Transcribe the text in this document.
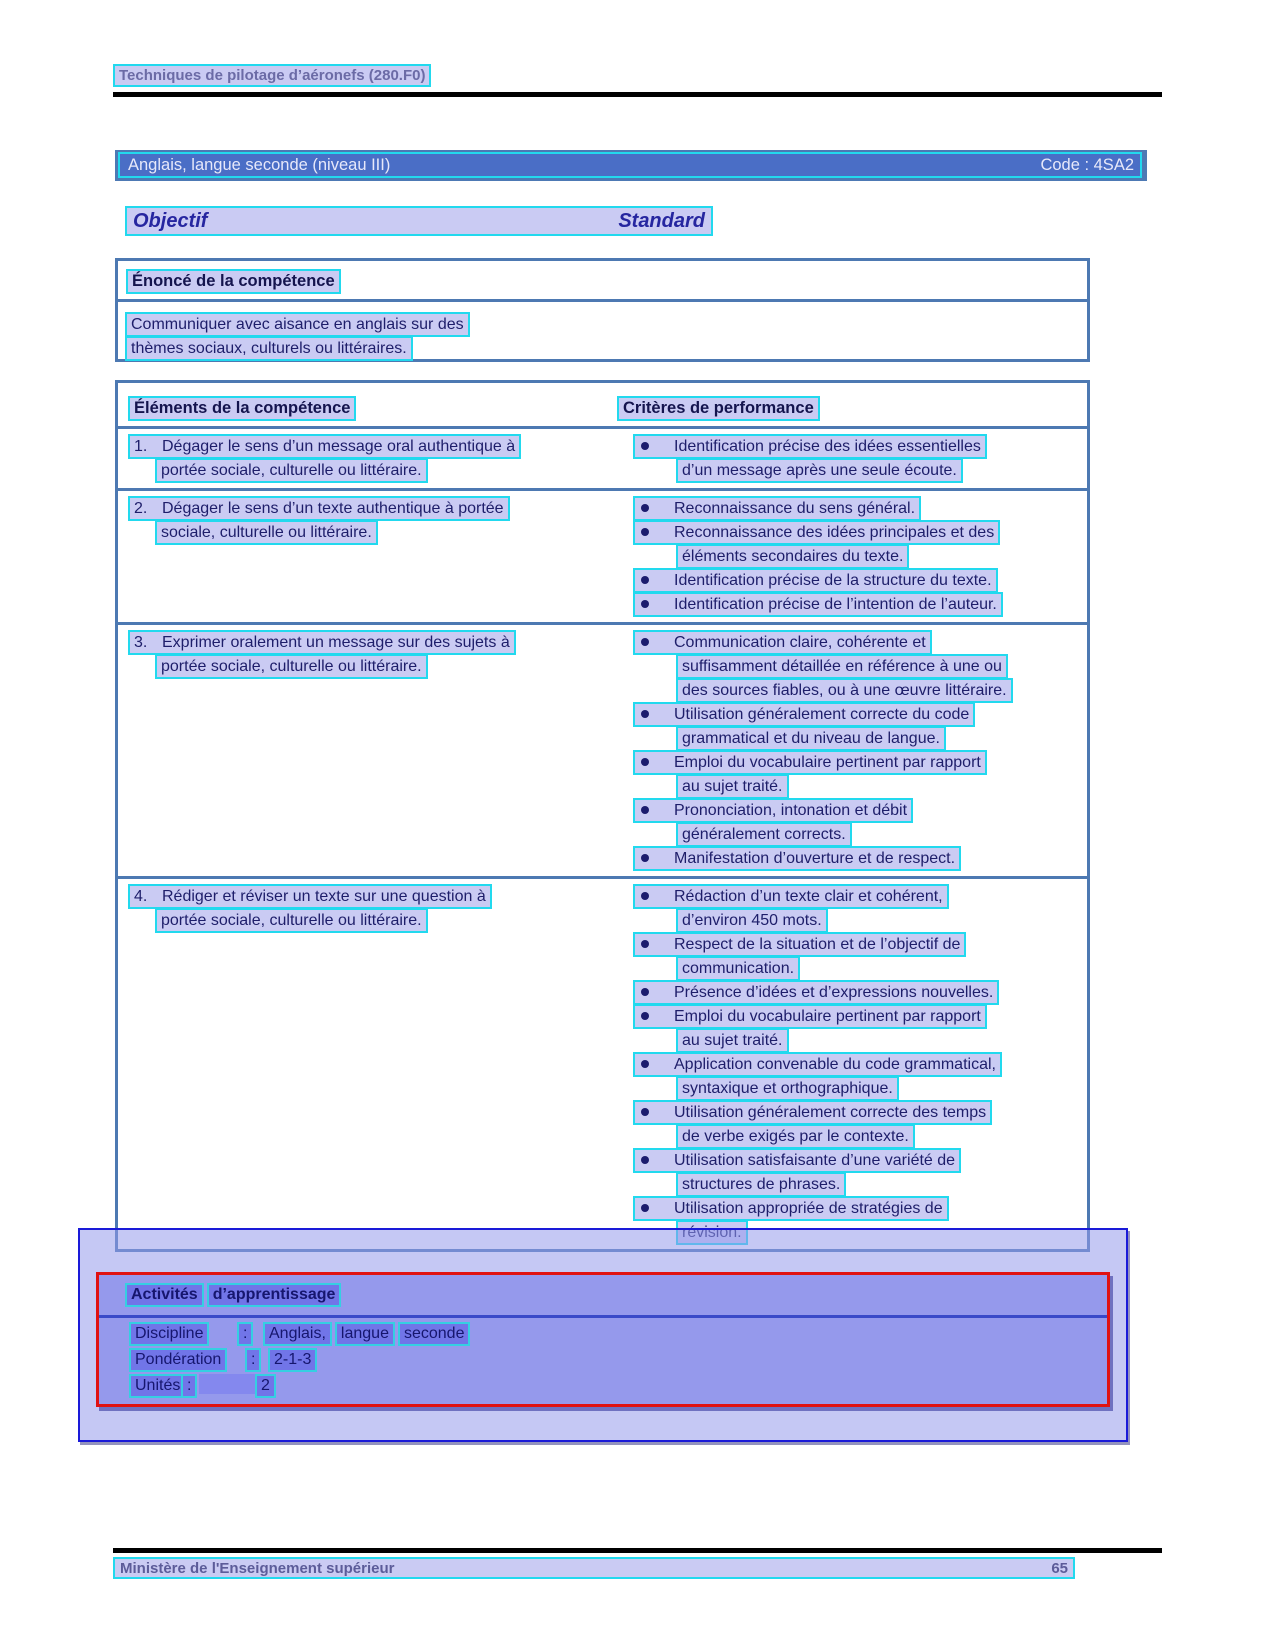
Techniques de pilotage d’aéronefs (280.F0)
Anglais, langue seconde (niveau III)	Code : 4SA2
Objectif	Standard
Énoncé de la compétence
Communiquer avec aisance en anglais sur des
thèmes sociaux, culturels ou littéraires.
Éléments de la compétence	Critères de performance
1. Dégager le sens d’un message oral authentique à
portée sociale, culturelle ou littéraire.
Identification précise des idées essentielles
d’un message après une seule écoute.
2. Dégager le sens d’un texte authentique à portée
sociale, culturelle ou littéraire.
Reconnaissance du sens général.
Reconnaissance des idées principales et des
éléments secondaires du texte.
Identification précise de la structure du texte.
Identification précise de l’intention de l’auteur.
3. Exprimer oralement un message sur des sujets à
portée sociale, culturelle ou littéraire.
Communication claire, cohérente et
suffisamment détaillée en référence à une ou
des sources fiables, ou à une œuvre littéraire.
Utilisation généralement correcte du code
grammatical et du niveau de langue.
Emploi du vocabulaire pertinent par rapport
au sujet traité.
Prononciation, intonation et débit
généralement corrects.
Manifestation d’ouverture et de respect.
4. Rédiger et réviser un texte sur une question à
portée sociale, culturelle ou littéraire.
Rédaction d’un texte clair et cohérent,
d’environ 450 mots.
Respect de la situation et de l’objectif de
communication.
Présence d’idées et d’expressions nouvelles.
Emploi du vocabulaire pertinent par rapport
au sujet traité.
Application convenable du code grammatical,
syntaxique et orthographique.
Utilisation généralement correcte des temps
de verbe exigés par le contexte.
Utilisation satisfaisante d’une variété de
structures de phrases.
Utilisation appropriée de stratégies de
Activités d’apprentissage
Discipline	:	Anglais, langue seconde
Pondération	:	2-1-3
Unités :	2
Ministère de l'Enseignement supérieur	65
